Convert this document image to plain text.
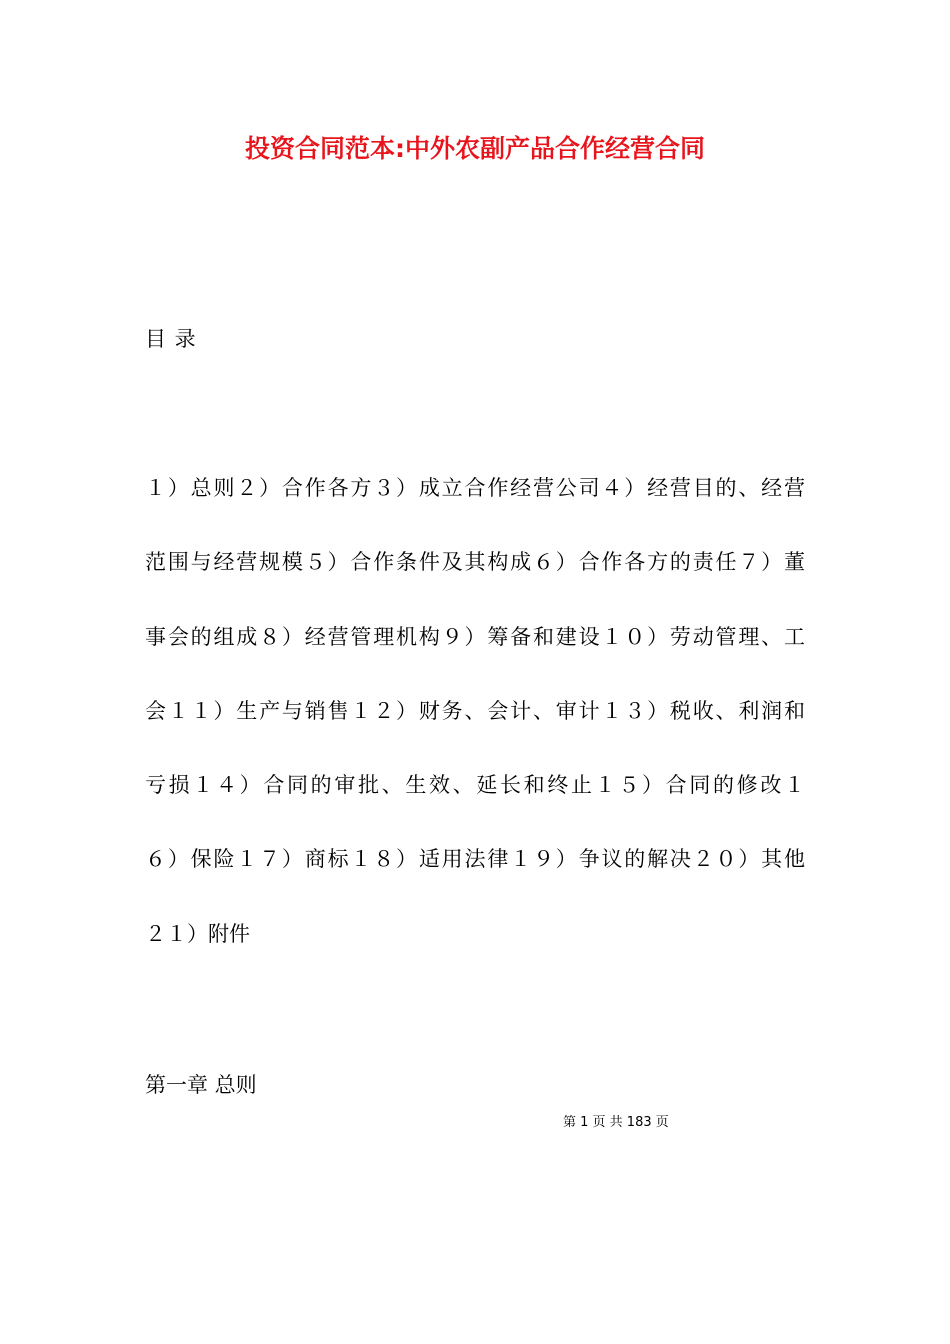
投资合同范本:中外农副产品合作经营合同
目 录
１）总则２）合作各方３）成立合作经营公司４）经营目的、经营
范围与经营规模５）合作条件及其构成６）合作各方的责任７）董
事会的组成８）经营管理机构９）筹备和建设１０）劳动管理、工
会１１）生产与销售１２）财务、会计、审计１３）税收、利润和
亏损１４）合同的审批、生效、延长和终止１５）合同的修改１
６）保险１７）商标１８）适用法律１９）争议的解决２０）其他
２１）附件
第一章 总则
第 1 页 共 183 页
